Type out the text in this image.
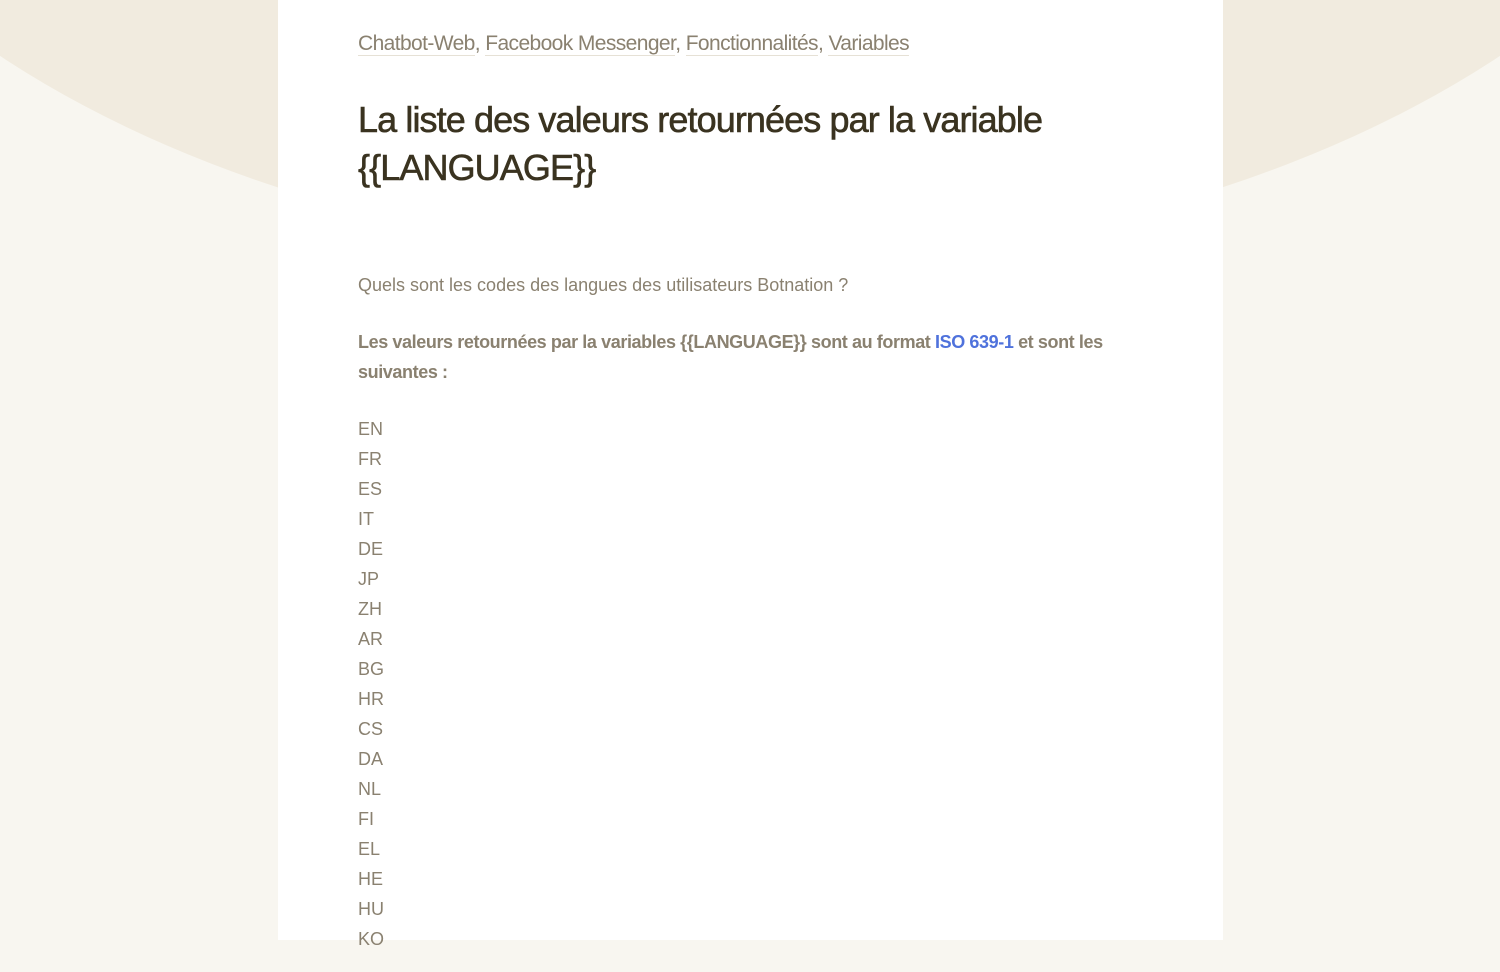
Chatbot-Web, Facebook Messenger, Fonctionnalités, Variables
La liste des valeurs retournées par la variable
{{LANGUAGE}}

Quels sont les codes des langues des utilisateurs Botnation ?

Les valeurs retournées par la variables {{LANGUAGE}} sont au format ISO 639-1 et sont les suivantes :

EN
FR
ES
IT
DE
JP
ZH
AR
BG
HR
CS
DA
NL
FI
EL
HE
HU
KO
